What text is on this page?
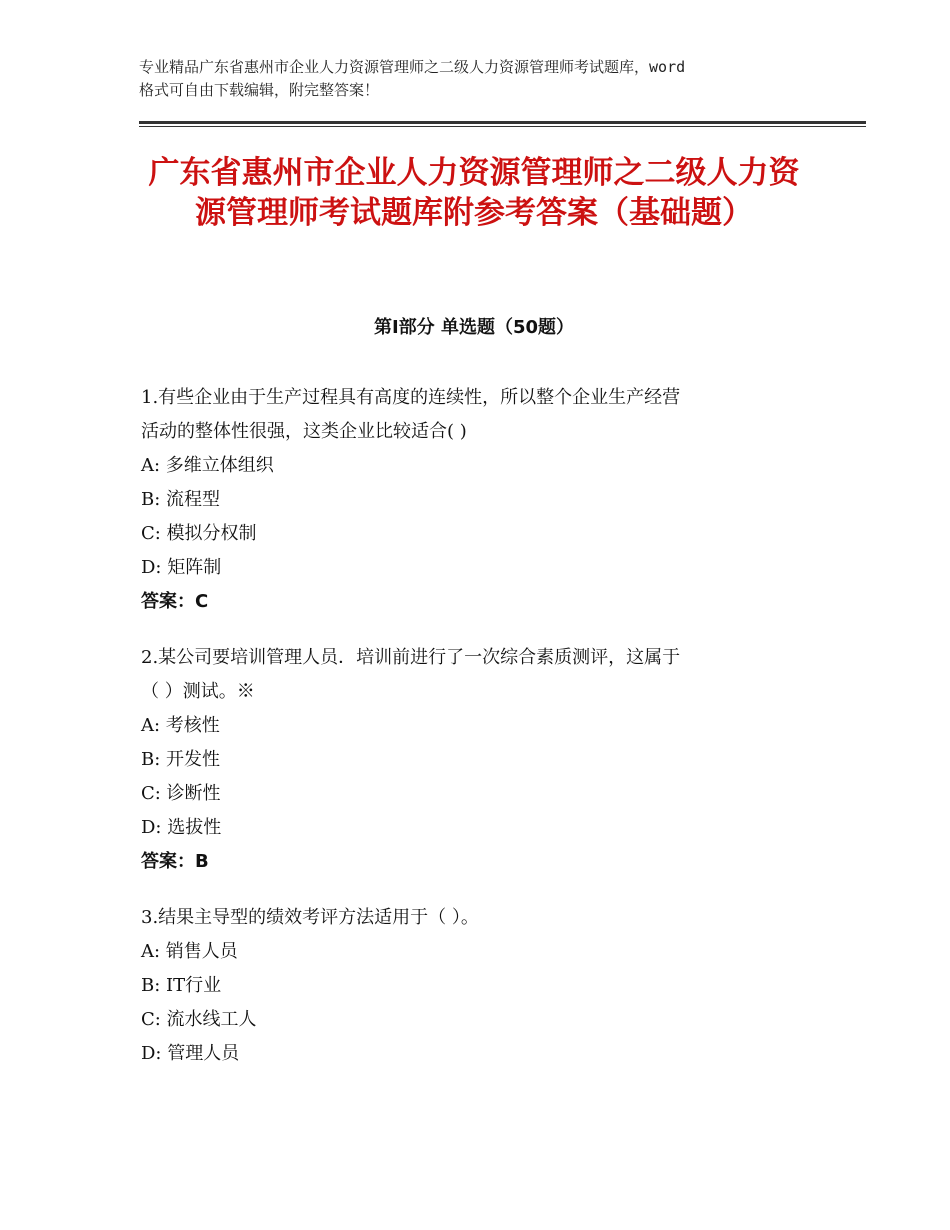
专业精品广东省惠州市企业人力资源管理师之二级人力资源管理师考试题库，word
格式可自由下载编辑，附完整答案！
广东省惠州市企业人力资源管理师之二级人力资源管理师考试题库附参考答案（基础题）
第Ⅰ部分 单选题（50题）
1.有些企业由于生产过程具有高度的连续性，所以整个企业生产经营
活动的整体性很强，这类企业比较适合( )
A: 多维立体组织
B: 流程型
C: 模拟分权制
D: 矩阵制
答案：C
2.某公司要培训管理人员．培训前进行了一次综合素质测评，这属于
（ ）测试。※
A: 考核性
B: 开发性
C: 诊断性
D: 选拔性
答案：B
3.结果主导型的绩效考评方法适用于（ ）。
A: 销售人员
B: IT行业
C: 流水线工人
D: 管理人员
